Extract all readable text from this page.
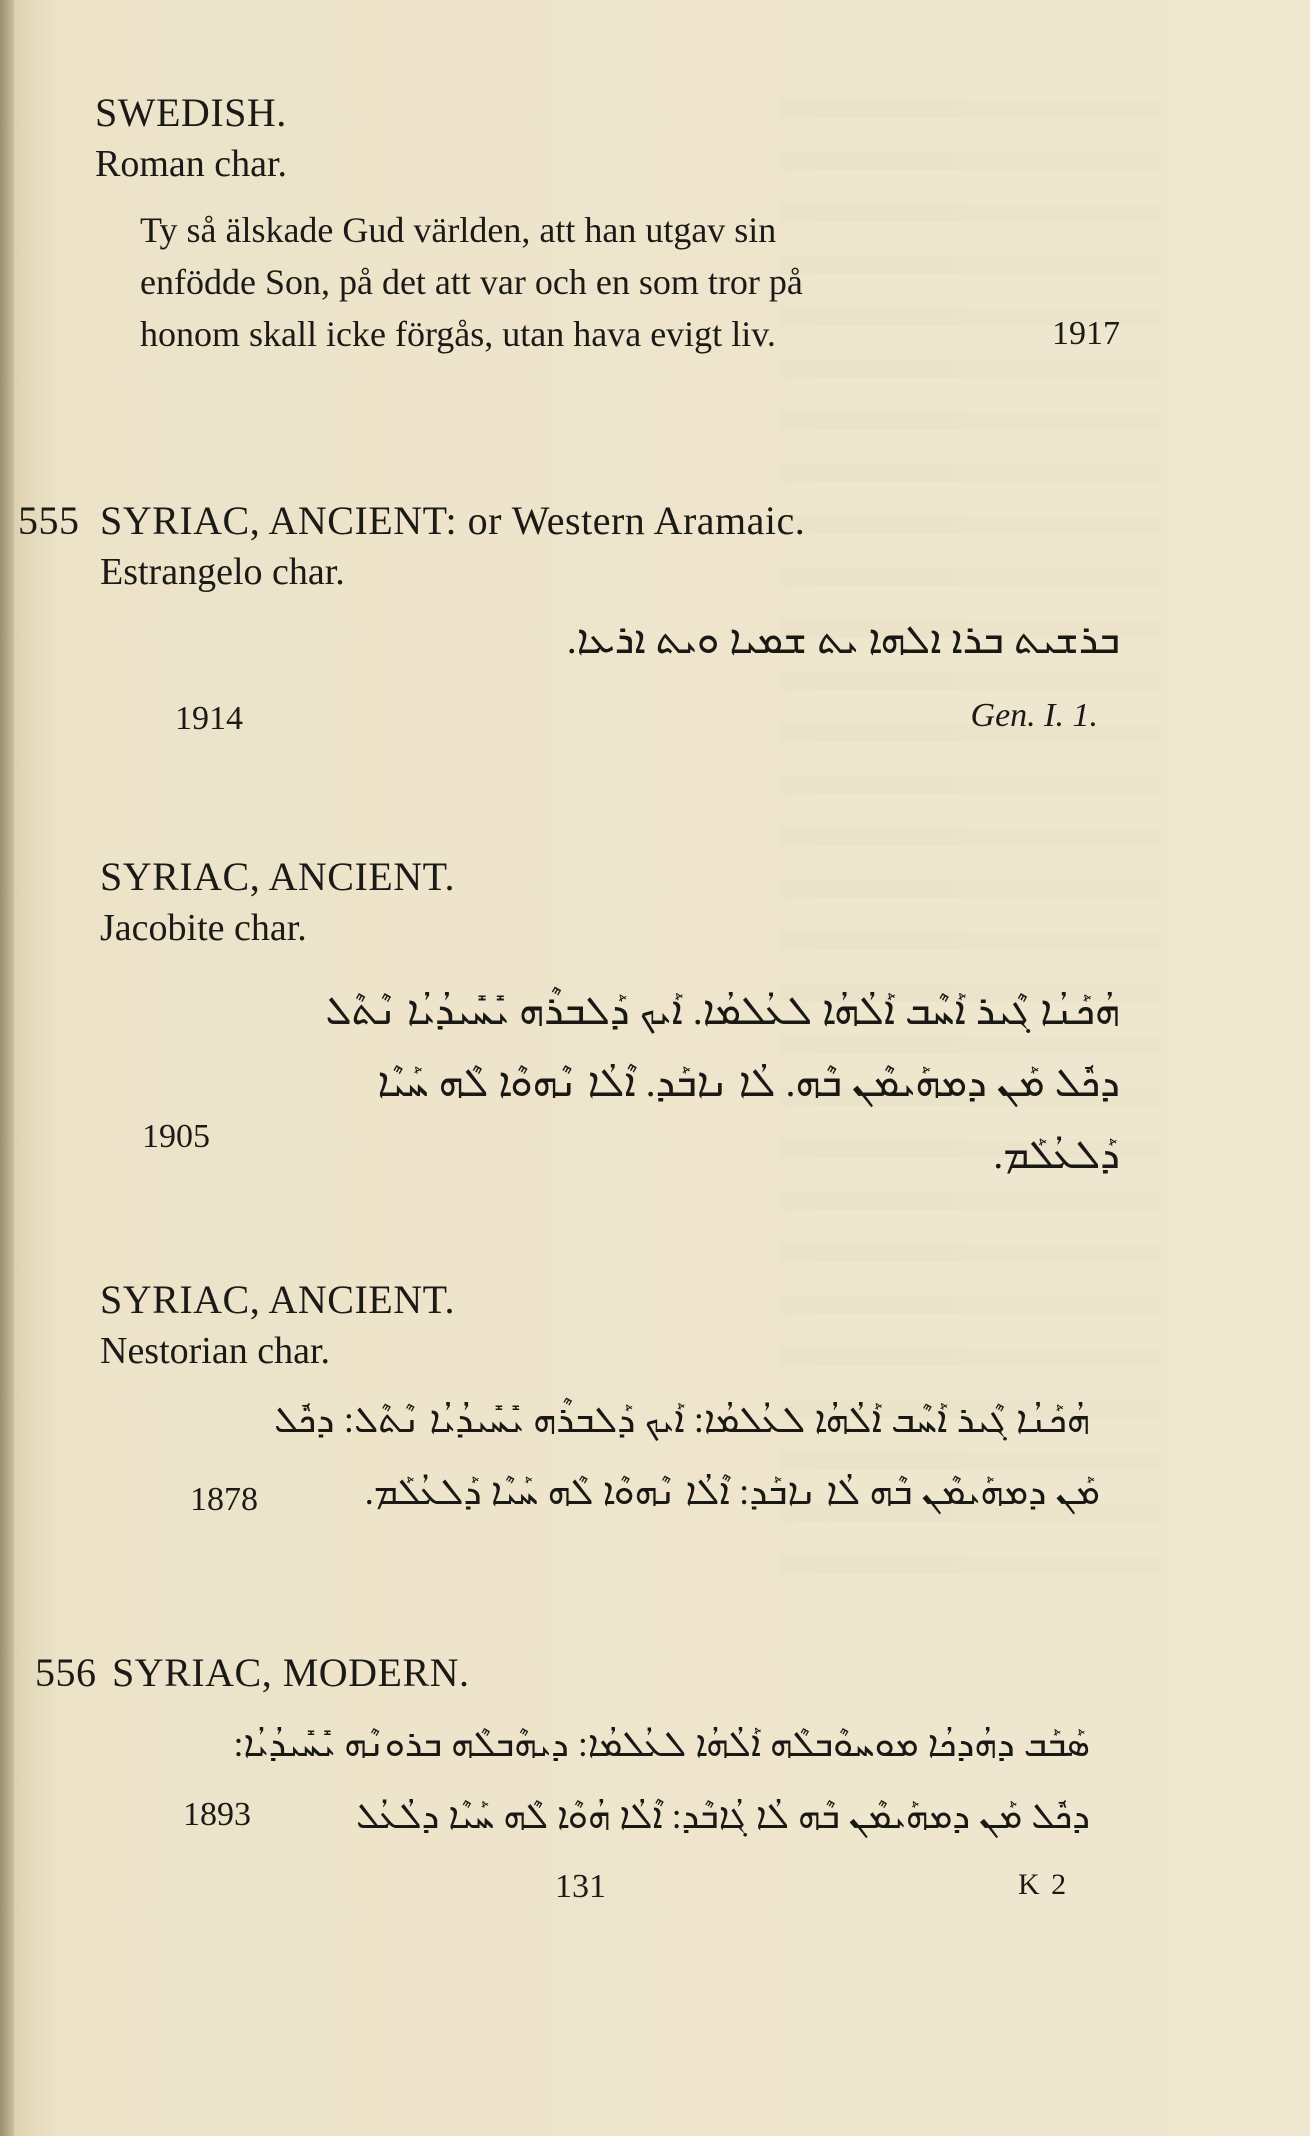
SWEDISH.
Roman char.
Ty så älskade Gud världen, att han utgav sin
enfödde Son, på det att var och en som tror på
honom skall icke förgås, utan hava evigt liv.	1917
555 SYRIAC, ANCIENT: or Western Aramaic.
Estrangelo char.
ܒܪܫܝܬ ܒܪܐ ܐܠܗܐ ܝܬ ܫܡܝܐ ܘܝܬ ܐܪܥܐ.
1914	Gen. I. 1.
SYRIAC, ANCIENT.
Jacobite char.
ܗܳܟܰܢܳܐ ܓܶܝܪ ܐܰܚܶܒ ܐܰܠܳܗܳܐ ܠܥܳܠܡܳܐ. ܐܰܝܟ ܕܰܠܒܪܶܗ ܝܺܚܺܝܕܳܝܳܐ ܢܶܬܶܠ
ܕܟܽܠ ܡܰܢ ܕܡܗܰܝܡܶܢ ܒܶܗ. ܠܳܐ ܢܐܒܰܕ. ܐܶܠܳܐ ܢܶܗܘܶܐ ܠܶܗ ܚܰܝܶܐ
ܕܰܠܥܳܠܰܡ.
1905
SYRIAC, ANCIENT.
Nestorian char.
ܗܳܟܰܢܳܐ ܓܶܝܪ ܐܰܚܶܒ ܐܰܠܳܗܳܐ ܠܥܳܠܡܳܐ: ܐܰܝܟ ܕܰܠܒܪܶܗ ܝܺܚܺܝܕܳܝܳܐ ܢܶܬܶܠ: ܕܟܽܠ
ܡܰܢ ܕܡܗܰܝܡܶܢ ܒܶܗ ܠܳܐ ܢܐܒܰܕ: ܐܶܠܳܐ ܢܶܗܘܶܐ ܠܶܗ ܚܰܝܶܐ ܕܰܠܥܳܠܰܡ.
1878
556 SYRIAC, MODERN.
ܣܰܒܰܒ ܕܗܳܕܟܳܐ ܡܘܚܘܶܒܠܶܗ ܐܰܠܳܗܳܐ ܠܥܳܠܡܳܐ: ܕܝܗܶܒܠܶܗ ܒܪܘܢܶܗ ܝܺܚܺܝܕܳܝܳܐ:
ܕܟܽܠ ܡܰܢ ܕܡܗܰܝܡܶܢ ܒܶܗ ܠܳܐ ܓܳܐܒܶܕ: ܐܶܠܳܐ ܗܳܘܶܐ ܠܶܗ ܚܰܝܶܐ ܕܠܳܥܳܠ
1893
131	K 2
